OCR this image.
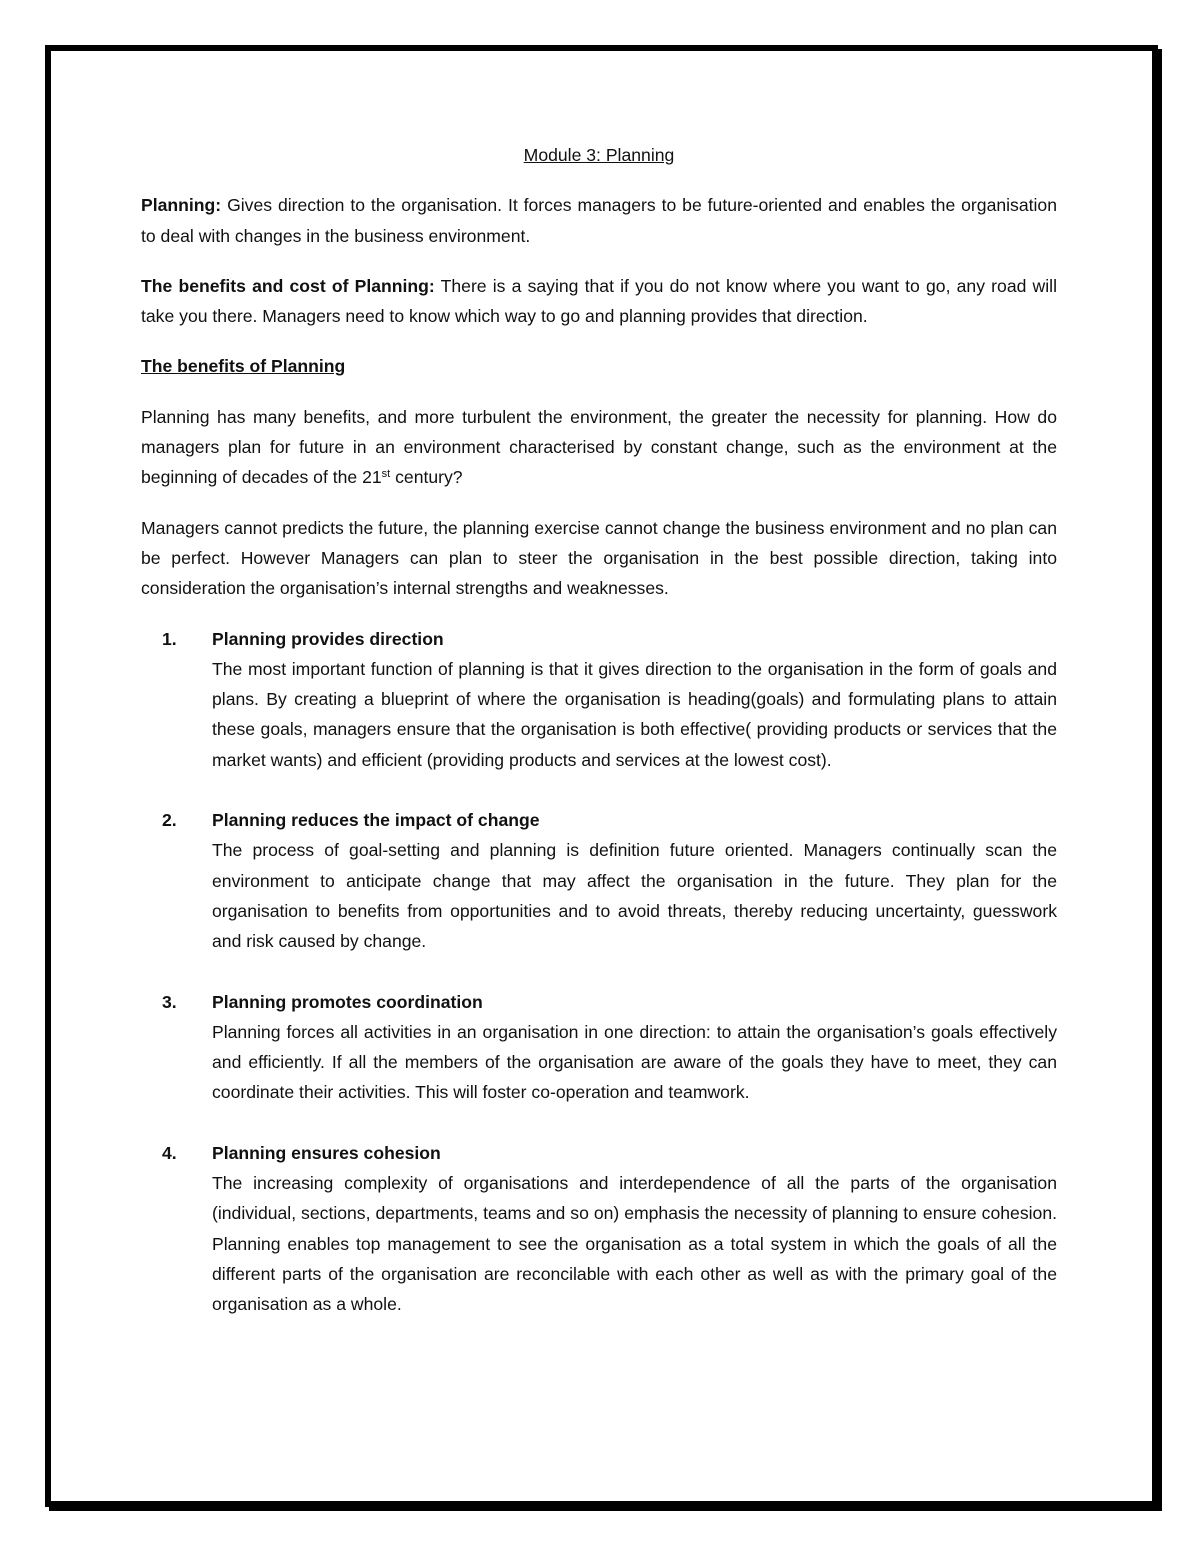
Module 3: Planning

Planning: Gives direction to the organisation. It forces managers to be future-oriented and enables the organisation to deal with changes in the business environment.

The benefits and cost of Planning: There is a saying that if you do not know where you want to go, any road will take you there. Managers need to know which way to go and planning provides that direction.

The benefits of Planning

Planning has many benefits, and more turbulent the environment, the greater the necessity for planning. How do managers plan for future in an environment characterised by constant change, such as the environment at the beginning of decades of the 21st century?

Managers cannot predicts the future, the planning exercise cannot change the business environment and no plan can be perfect. However Managers can plan to steer the organisation in the best possible direction, taking into consideration the organisation’s internal strengths and weaknesses.

1. Planning provides direction
The most important function of planning is that it gives direction to the organisation in the form of goals and plans. By creating a blueprint of where the organisation is heading(goals) and formulating plans to attain these goals, managers ensure that the organisation is both effective( providing products or services that the market wants) and efficient (providing products and services at the lowest cost).
2. Planning reduces the impact of change
The process of goal-setting and planning is definition future oriented. Managers continually scan the environment to anticipate change that may affect the organisation in the future. They plan for the organisation to benefits from opportunities and to avoid threats, thereby reducing uncertainty, guesswork and risk caused by change.
3. Planning promotes coordination
Planning forces all activities in an organisation in one direction: to attain the organisation’s goals effectively and efficiently. If all the members of the organisation are aware of the goals they have to meet, they can coordinate their activities. This will foster co-operation and teamwork.
4. Planning ensures cohesion
The increasing complexity of organisations and interdependence of all the parts of the organisation (individual, sections, departments, teams and so on) emphasis the necessity of planning to ensure cohesion. Planning enables top management to see the organisation as a total system in which the goals of all the different parts of the organisation are reconcilable with each other as well as with the primary goal of the organisation as a whole.
